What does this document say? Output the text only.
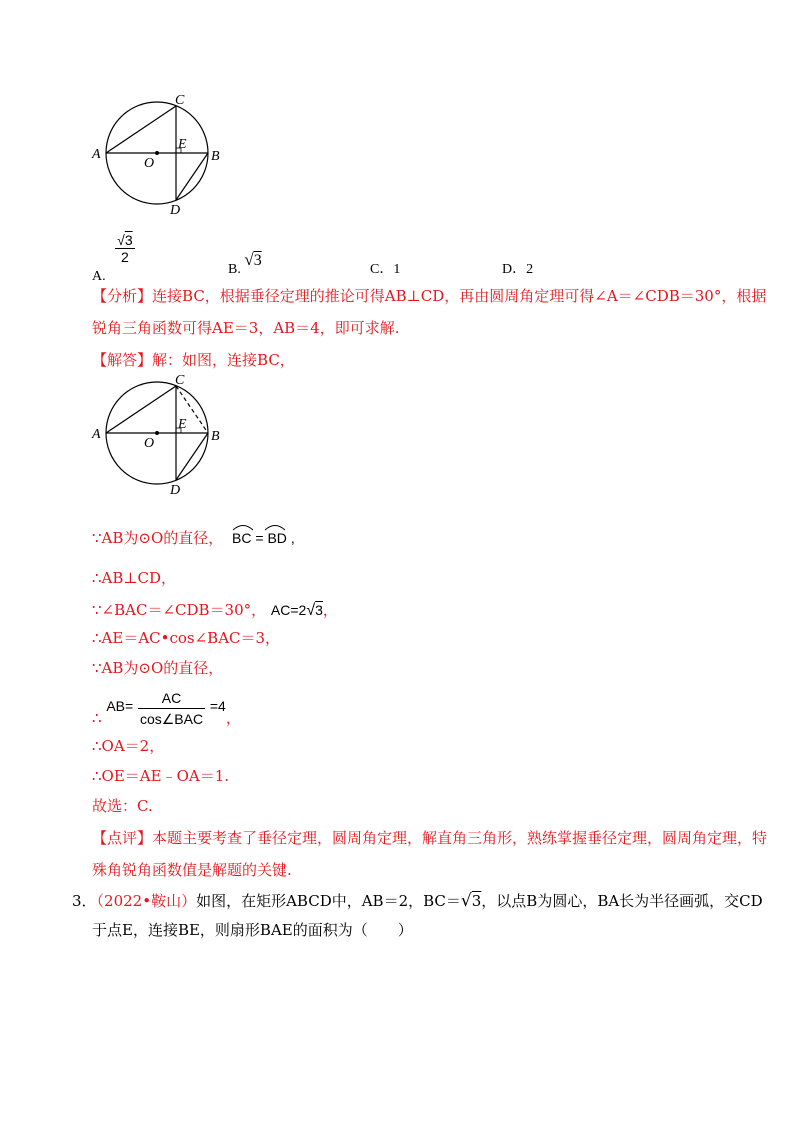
A	B
C
D
E
O
A.
$\frac{√3}{2}$
B. √3
C．1	D．2
【分析】连接BC，根据垂径定理的推论可得AB⊥CD，再由圆周角定理可得∠A＝∠CDB＝30°，根据
锐角三角函数可得AE＝3，AB＝4，即可求解.
【解答】解：如图，连接BC，
A	B
C
D
E
O
∵AB为⊙O的直径， BC = BD ,
∴AB⊥CD，
∵∠BAC＝∠CDB＝30°， AC=2√3，
∴AE＝AC•cos∠BAC＝3，
∵AB为⊙O的直径，
∴ $AB= \frac{AC}{\text{cos∠BAC}} =4$，
∴OA＝2，
∴OE＝AE﹣OA＝1.
故选：C.
【点评】本题主要考查了垂径定理，圆周角定理，解直角三角形，熟练掌握垂径定理，圆周角定理，特
殊角锐角函数值是解题的关键.
3．（2022•鞍山）如图，在矩形ABCD中，AB＝2，BC＝√3，以点B为圆心，BA长为半径画弧，交CD
于点E，连接BE，则扇形BAE的面积为（　　）
